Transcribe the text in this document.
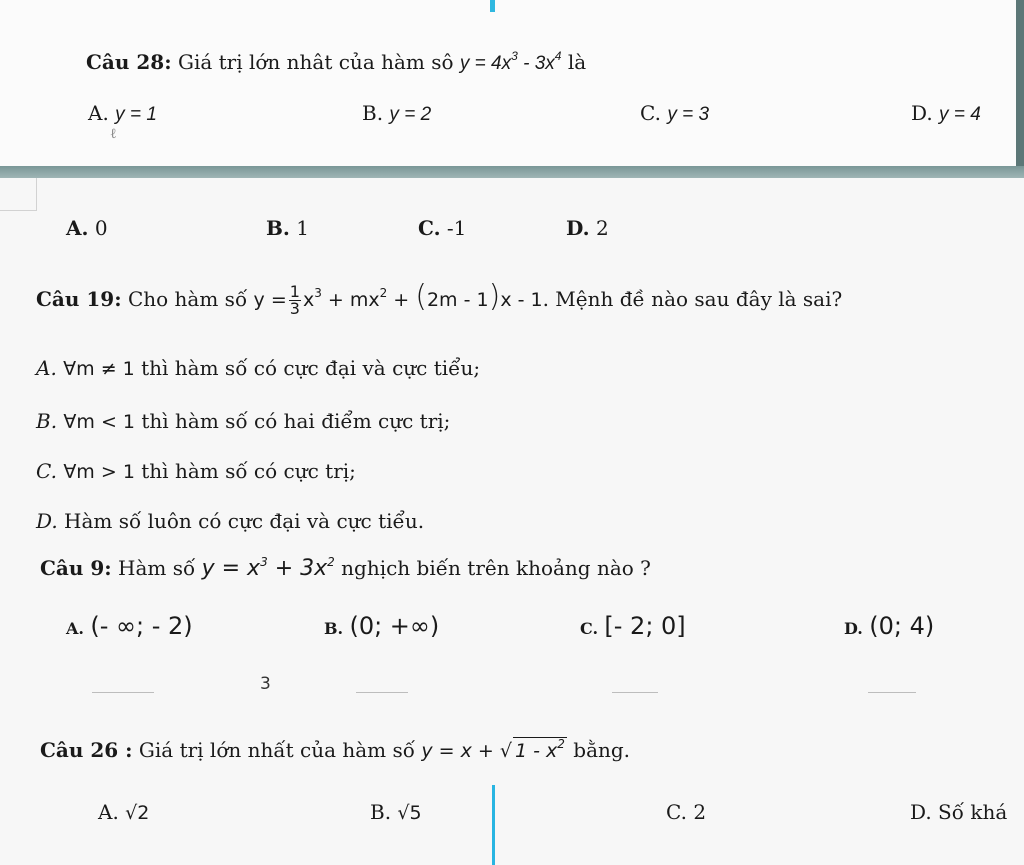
Câu 28: Giá trị lớn nhât của hàm sô $y = 4x^3 - 3x^4$ là
A. y = 1
ℓ
B. y = 2	C. y = 3	D. y = 4
A. 0	B. 1	C. -1	D. 2
Câu 19: Cho hàm số $y = \frac{1}{3} x^3 + mx^2 + (2m - 1)x - 1$. Mệnh đề nào sau đây là sai?
A. ∀m ≠ 1 thì hàm số có cực đại và cực tiểu;
B. ∀m < 1 thì hàm số có hai điểm cực trị;
C. ∀m > 1 thì hàm số có cực trị;
D. Hàm số luôn có cực đại và cực tiểu.
Câu 9: Hàm số $y = x^3 + 3x^2$ nghịch biến trên khoảng nào ?
A. (- ∞; - 2)	B. (0; +∞)	C. [- 2; 0]	D. (0; 4)
3
Câu 26 : Giá trị lớn nhất của hàm số y = x + √ $1 - x^2$ bằng.
A. √2	B. √5	C. 2	D. Số khá
